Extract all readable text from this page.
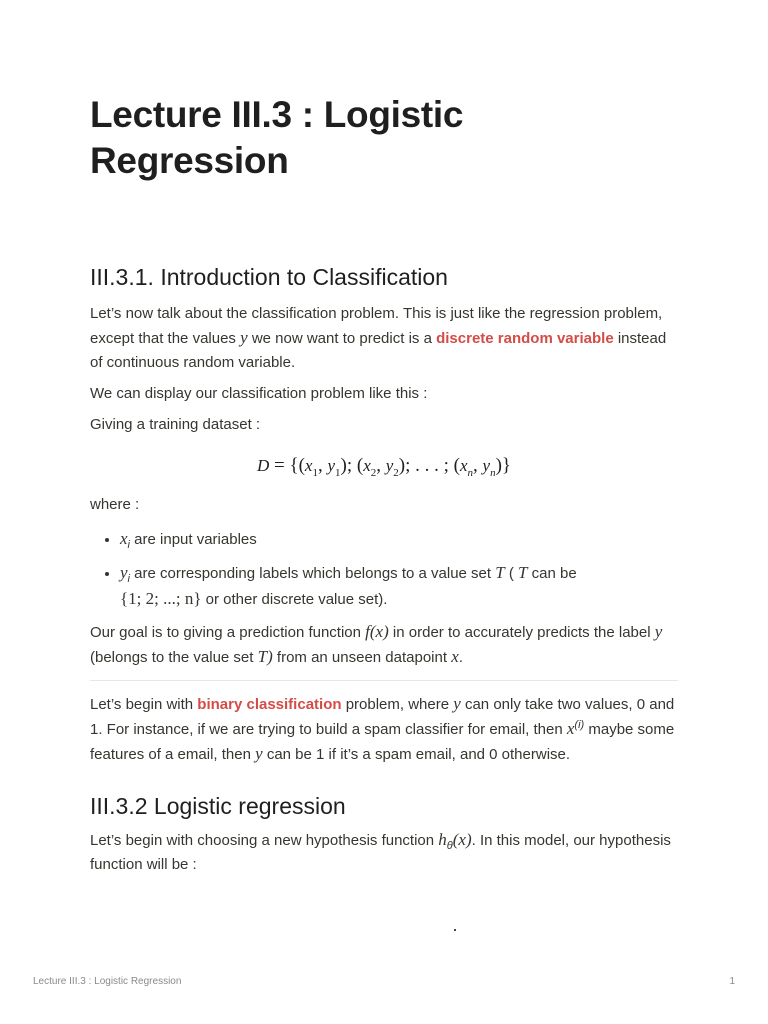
Lecture III.3 : Logistic
Regression
III.3.1. Introduction to Classification

Let’s now talk about the classification problem. This is just like the regression problem, except that the values y we now want to predict is a discrete random variable instead of continuous random variable.

We can display our classification problem like this :

Giving a training dataset :

$D = \{(x_1$, $y_1$); ($x_2$, $y_2$); . . . ; ($x_n$, $y_n$)}

where :

• $x_i$ are input variables
• $y_i$ are corresponding labels which belongs to a value set T ( T can be
{1; 2; ...; n} or other discrete value set).

Our goal is to giving a prediction function f(x) in order to accurately predicts the label y (belongs to the value set T) from an unseen datapoint x.

Let’s begin with binary classification problem, where y can only take two values, 0 and 1. For instance, if we are trying to build a spam classifier for email, then $x^{(i)}$ maybe some features of a email, then y can be 1 if it’s a spam email, and 0 otherwise.

III.3.2 Logistic regression

Let’s begin with choosing a new hypothesis function $h_\theta(x)$. In this model, our hypothesis function will be :

Lecture III.3 : Logistic Regression	1
